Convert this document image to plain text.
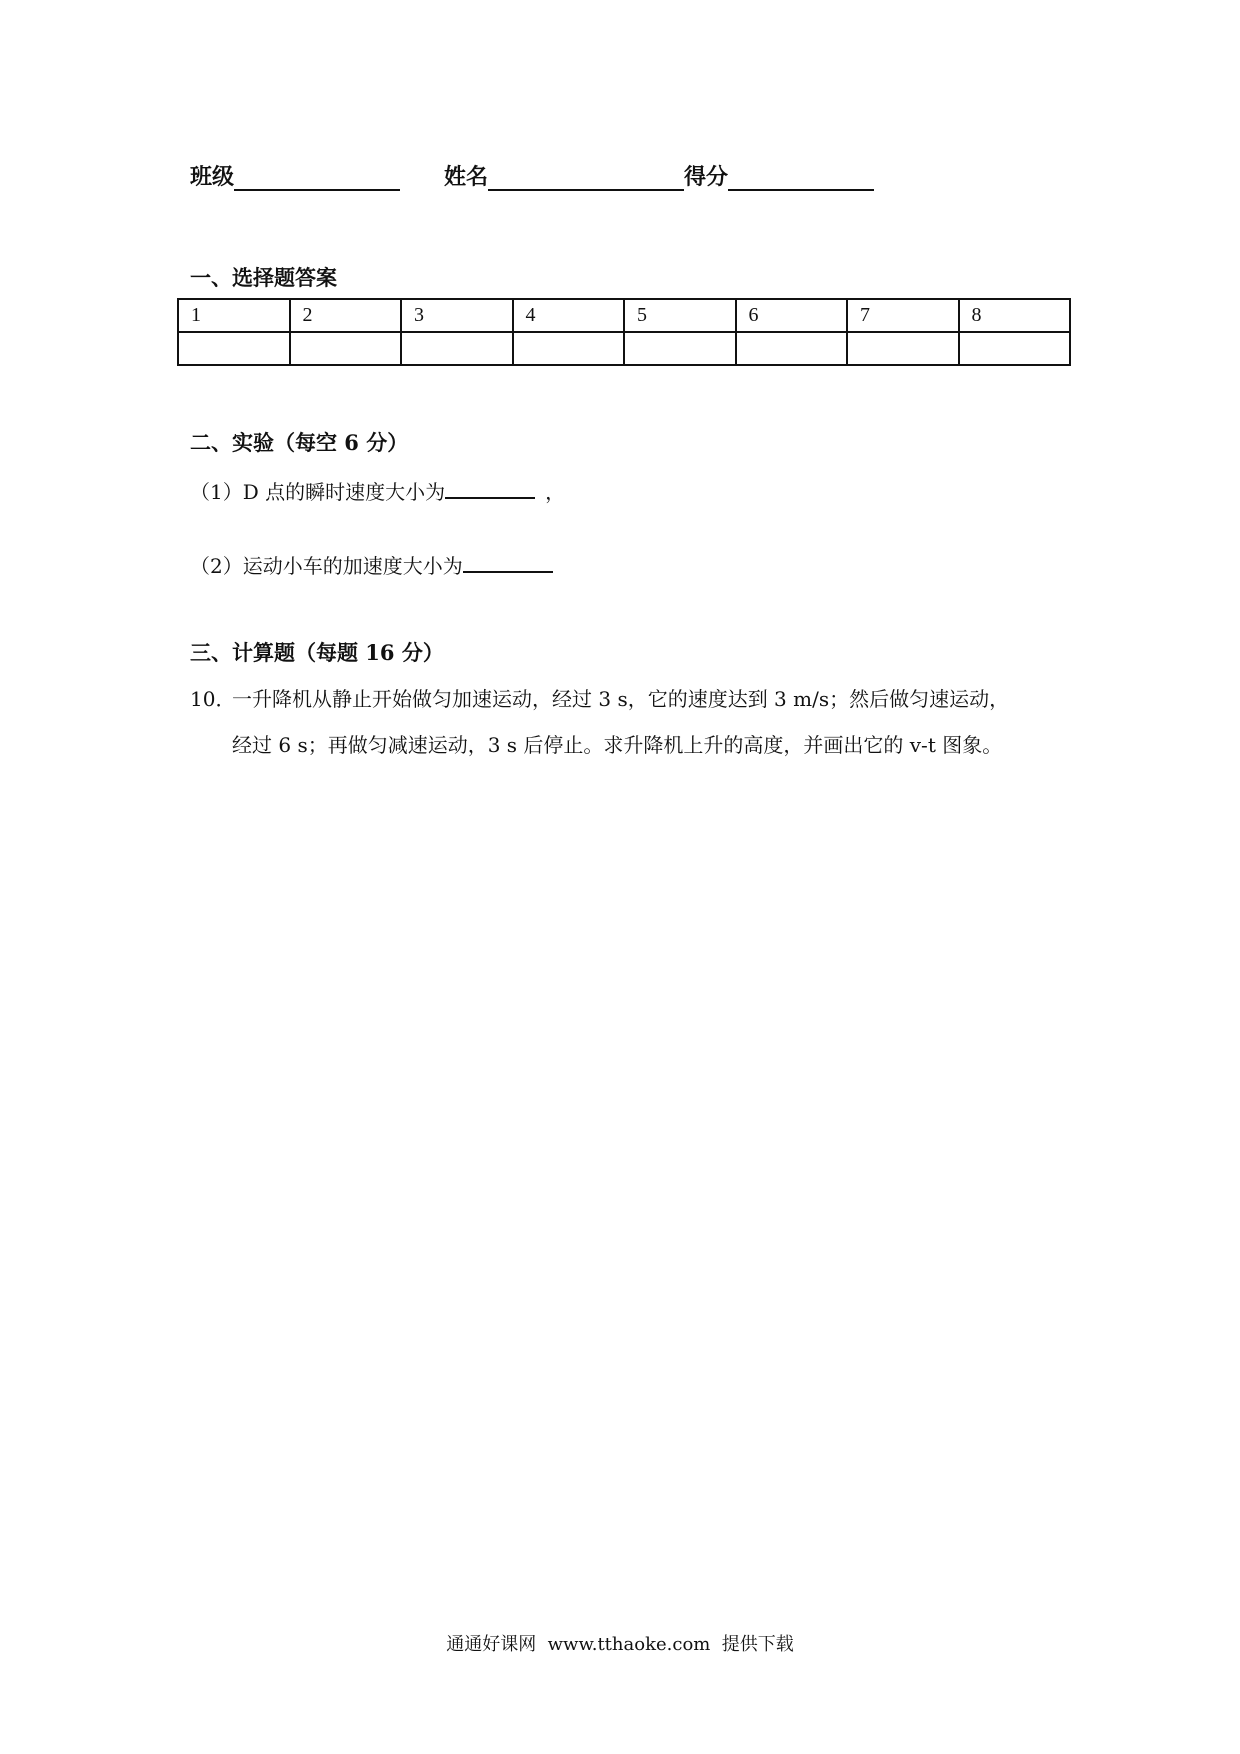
班级	姓名	得分
一、选择题答案
1	2	3	4	5	6	7	8

二、实验（每空 6 分）
（1）D 点的瞬时速度大小为	，
（2）运动小车的加速度大小为
三、计算题（每题 16 分）
10．一升降机从静止开始做匀加速运动，经过 3 s，它的速度达到 3 m/s；然后做匀速运动，
经过 6 s；再做匀减速运动，3 s 后停止。求升降机上升的高度，并画出它的 v-t 图象。
通通好课网  www.tthaoke.com  提供下载
